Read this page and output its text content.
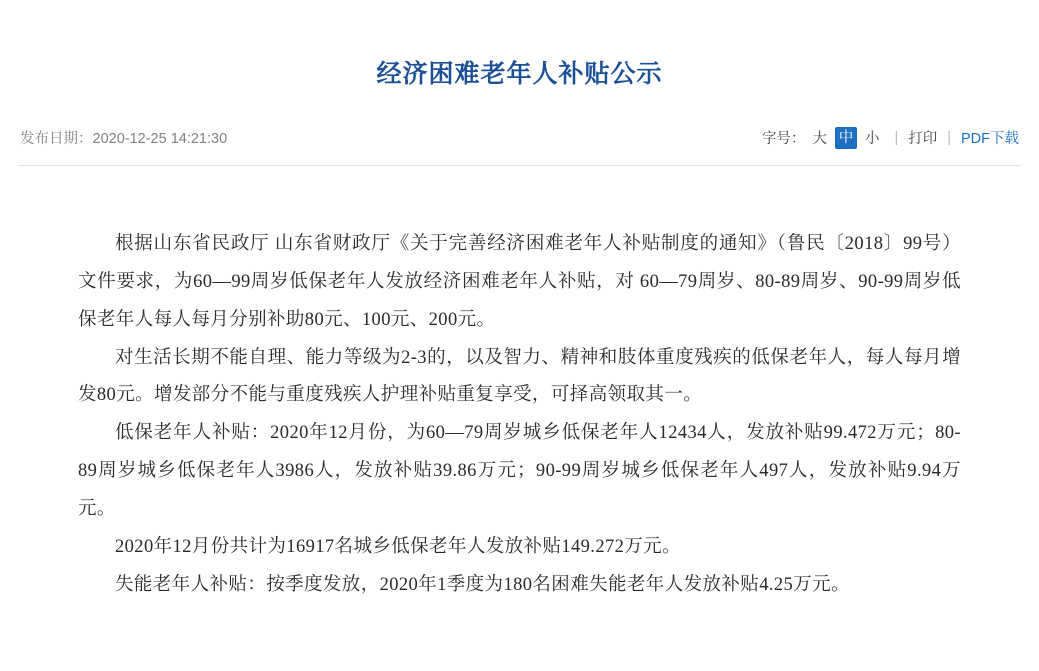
经济困难老年人补贴公示
发布日期：2020-12-25 14:21:30	字号： 大 中 小	| 打印 | PDF下载

根据山东省民政厅 山东省财政厅《关于完善经济困难老年人补贴制度的通知》（鲁民〔2018〕99号）文件要求，为60—99周岁低保老年人发放经济困难老年人补贴，对 60—79周岁、80-89周岁、90-99周岁低保老年人每人每月分别补助80元、100元、200元。

对生活长期不能自理、能力等级为2-3的，以及智力、精神和肢体重度残疾的低保老年人，每人每月增发80元。增发部分不能与重度残疾人护理补贴重复享受，可择高领取其一。

低保老年人补贴：2020年12月份，为60—79周岁城乡低保老年人12434人，发放补贴99.472万元；80-89周岁城乡低保老年人3986人，发放补贴39.86万元；90-99周岁城乡低保老年人497人，发放补贴9.94万元。

2020年12月份共计为16917名城乡低保老年人发放补贴149.272万元。

失能老年人补贴：按季度发放，2020年1季度为180名困难失能老年人发放补贴4.25万元。
